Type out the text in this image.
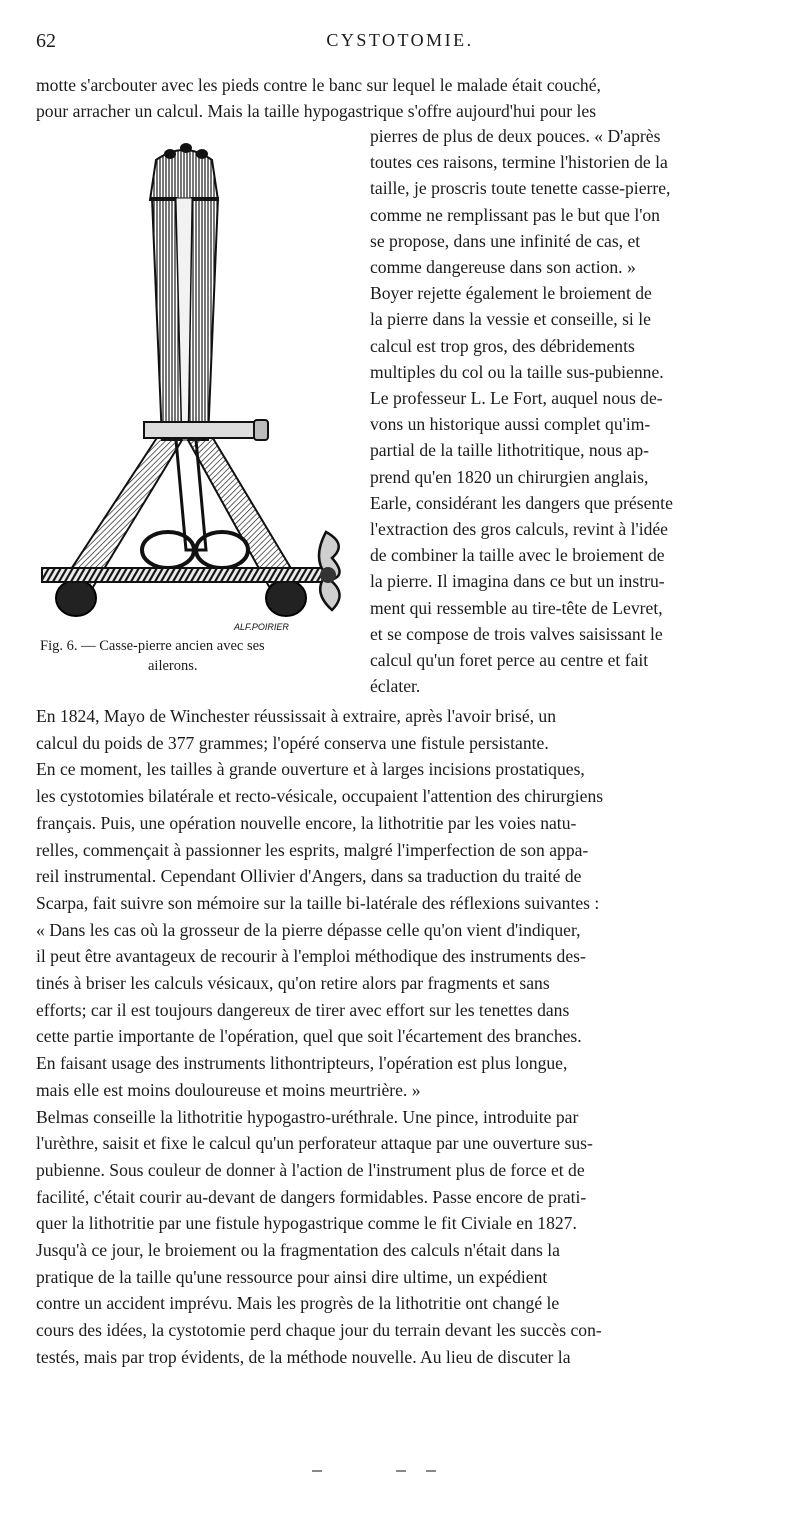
62	CYSTOTOMIE.
motte s'arcbouter avec les pieds contre le banc sur lequel le malade était couché,
pour arracher un calcul. Mais la taille hypogastrique s'offre aujourd'hui pour les
pierres de plus de deux pouces. « D'après
toutes ces raisons, termine l'historien de la
taille, je proscris toute tenette casse-pierre,
comme ne remplissant pas le but que l'on
se propose, dans une infinité de cas, et
comme dangereuse dans son action. »
Boyer rejette également le broiement de
la pierre dans la vessie et conseille, si le
calcul est trop gros, des débridements
multiples du col ou la taille sus-pubienne.
Le professeur L. Le Fort, auquel nous de-
vons un historique aussi complet qu'im-
partial de la taille lithotritique, nous ap-
prend qu'en 1820 un chirurgien anglais,
Earle, considérant les dangers que présente
l'extraction des gros calculs, revint à l'idée
de combiner la taille avec le broiement de
la pierre. Il imagina dans ce but un instru-
ment qui ressemble au tire-tête de Levret,
et se compose de trois valves saisissant le
calcul qu'un foret perce au centre et fait
éclater.
ALF.POIRIER
Fig. 6. — Casse-pierre ancien avec ses
ailerons.
En 1824, Mayo de Winchester réussissait à extraire, après l'avoir brisé, un
calcul du poids de 377 grammes; l'opéré conserva une fistule persistante.
En ce moment, les tailles à grande ouverture et à larges incisions prostatiques,
les cystotomies bilatérale et recto-vésicale, occupaient l'attention des chirurgiens
français. Puis, une opération nouvelle encore, la lithotritie par les voies natu-
relles, commençait à passionner les esprits, malgré l'imperfection de son appa-
reil instrumental. Cependant Ollivier d'Angers, dans sa traduction du traité de
Scarpa, fait suivre son mémoire sur la taille bi-latérale des réflexions suivantes :
« Dans les cas où la grosseur de la pierre dépasse celle qu'on vient d'indiquer,
il peut être avantageux de recourir à l'emploi méthodique des instruments des-
tinés à briser les calculs vésicaux, qu'on retire alors par fragments et sans
efforts; car il est toujours dangereux de tirer avec effort sur les tenettes dans
cette partie importante de l'opération, quel que soit l'écartement des branches.
En faisant usage des instruments lithontripteurs, l'opération est plus longue,
mais elle est moins douloureuse et moins meurtrière. »
Belmas conseille la lithotritie hypogastro-uréthrale. Une pince, introduite par
l'urèthre, saisit et fixe le calcul qu'un perforateur attaque par une ouverture sus-
pubienne. Sous couleur de donner à l'action de l'instrument plus de force et de
facilité, c'était courir au-devant de dangers formidables. Passe encore de prati-
quer la lithotritie par une fistule hypogastrique comme le fit Civiale en 1827.
Jusqu'à ce jour, le broiement ou la fragmentation des calculs n'était dans la
pratique de la taille qu'une ressource pour ainsi dire ultime, un expédient
contre un accident imprévu. Mais les progrès de la lithotritie ont changé le
cours des idées, la cystotomie perd chaque jour du terrain devant les succès con-
testés, mais par trop évidents, de la méthode nouvelle. Au lieu de discuter la
